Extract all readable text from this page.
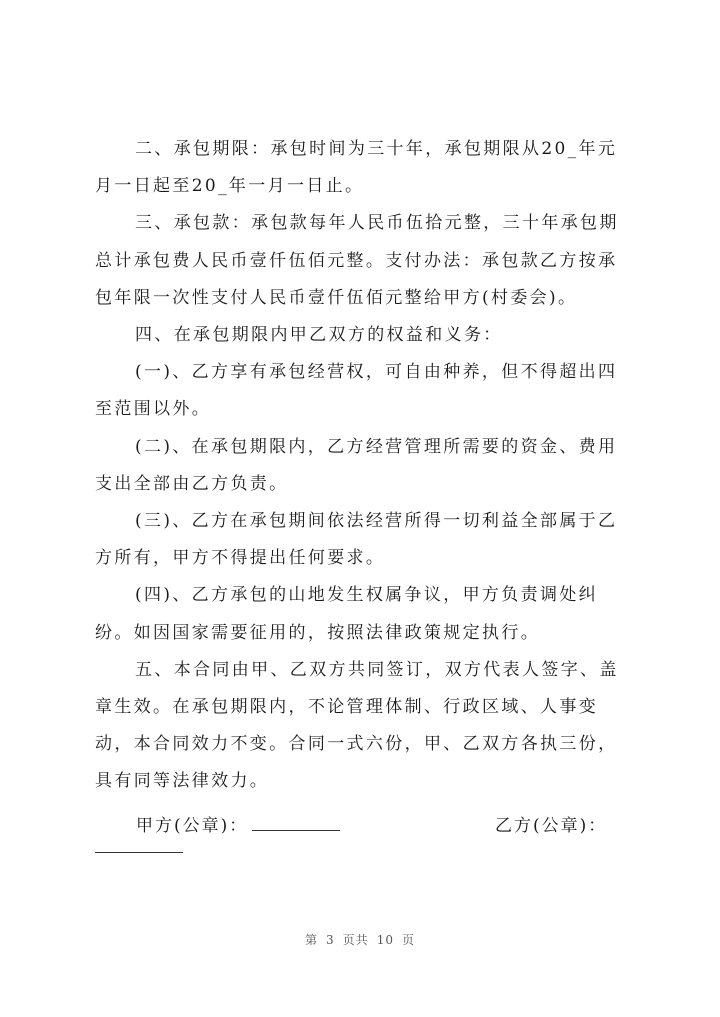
二、承包期限：承包时间为三十年，承包期限从20_年元月一日起至20_年一月一日止。

三、承包款：承包款每年人民币伍拾元整，三十年承包期总计承包费人民币壹仟伍佰元整。支付办法：承包款乙方按承包年限一次性支付人民币壹仟伍佰元整给甲方(村委会)。

四、在承包期限内甲乙双方的权益和义务：

(一)、乙方享有承包经营权，可自由种养，但不得超出四至范围以外。

(二)、在承包期限内，乙方经营管理所需要的资金、费用支出全部由乙方负责。

(三)、乙方在承包期间依法经营所得一切利益全部属于乙方所有，甲方不得提出任何要求。

(四)、乙方承包的山地发生权属争议，甲方负责调处纠纷。如因国家需要征用的，按照法律政策规定执行。

五、本合同由甲、乙双方共同签订，双方代表人签字、盖章生效。在承包期限内，不论管理体制、行政区域、人事变动，本合同效力不变。合同一式六份，甲、乙双方各执三份，具有同等法律效力。

甲方(公章)：	乙方(公章)：
第 3 页共 10 页
